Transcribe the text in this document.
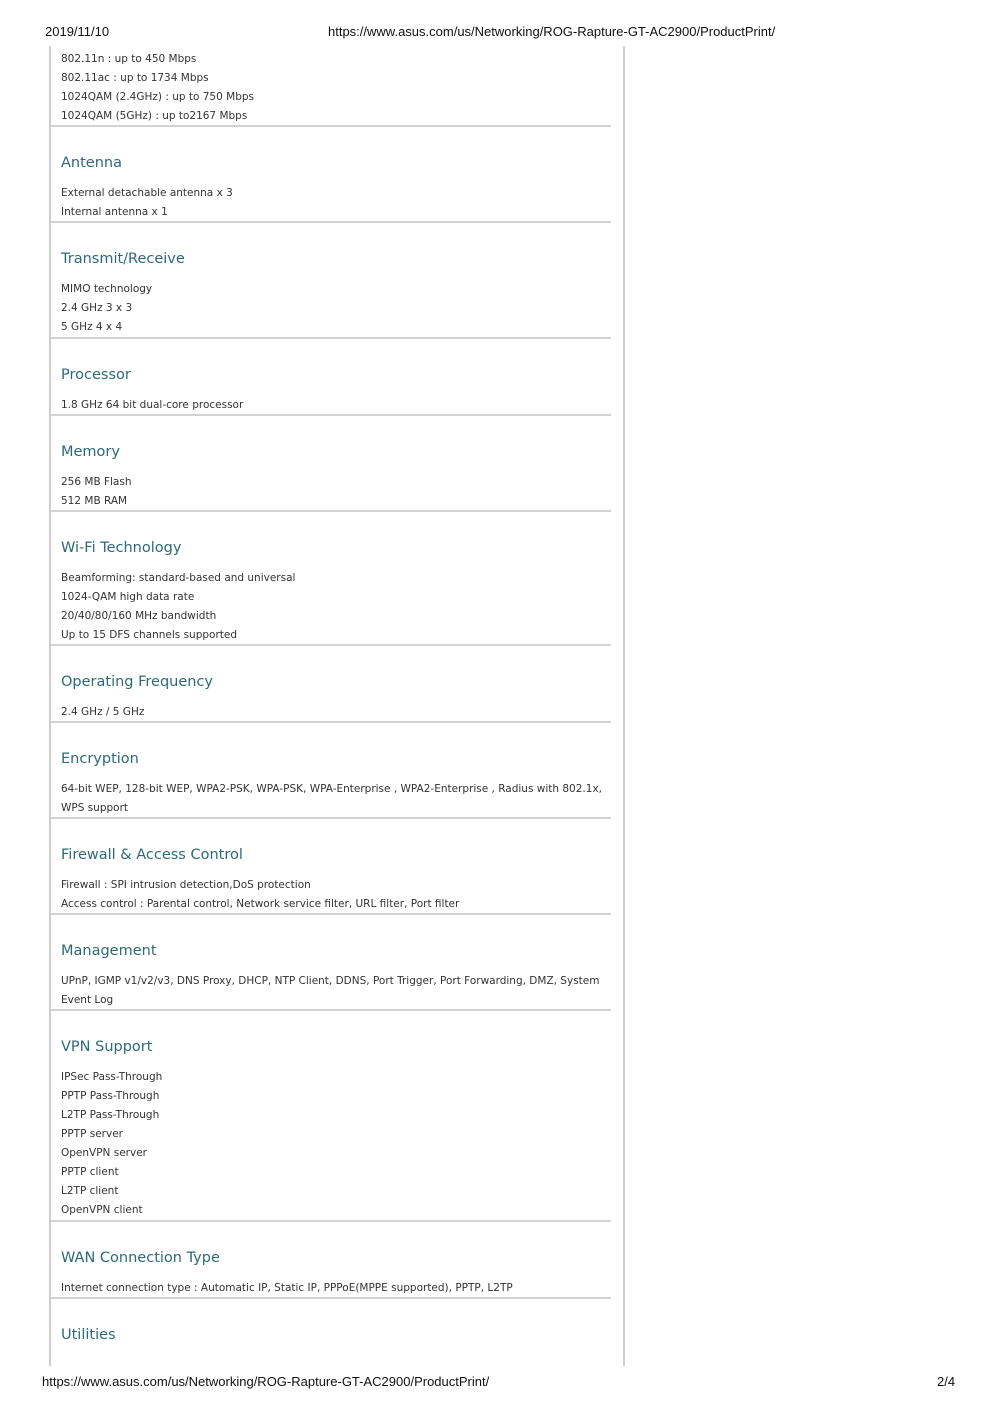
2019/11/10	https://www.asus.com/us/Networking/ROG-Rapture-GT-AC2900/ProductPrint/
802.11n : up to 450 Mbps
802.11ac : up to 1734 Mbps
1024QAM (2.4GHz) : up to 750 Mbps
1024QAM (5GHz) : up to2167 Mbps
Antenna
External detachable antenna x 3
Internal antenna x 1
Transmit/Receive
MIMO technology
2.4 GHz 3 x 3
5 GHz 4 x 4
Processor
1.8 GHz 64 bit dual-core processor
Memory
256 MB Flash
512 MB RAM
Wi-Fi Technology
Beamforming: standard-based and universal
1024-QAM high data rate
20/40/80/160 MHz bandwidth
Up to 15 DFS channels supported
Operating Frequency
2.4 GHz / 5 GHz
Encryption
64-bit WEP, 128-bit WEP, WPA2-PSK, WPA-PSK, WPA-Enterprise , WPA2-Enterprise , Radius with 802.1x, WPS support
Firewall & Access Control
Firewall : SPI intrusion detection,DoS protection
Access control : Parental control, Network service filter, URL filter, Port filter
Management
UPnP, IGMP v1/v2/v3, DNS Proxy, DHCP, NTP Client, DDNS, Port Trigger, Port Forwarding, DMZ, System Event Log
VPN Support
IPSec Pass-Through
PPTP Pass-Through
L2TP Pass-Through
PPTP server
OpenVPN server
PPTP client
L2TP client
OpenVPN client
WAN Connection Type
Internet connection type : Automatic IP, Static IP, PPPoE(MPPE supported), PPTP, L2TP
Utilities
https://www.asus.com/us/Networking/ROG-Rapture-GT-AC2900/ProductPrint/	2/4
